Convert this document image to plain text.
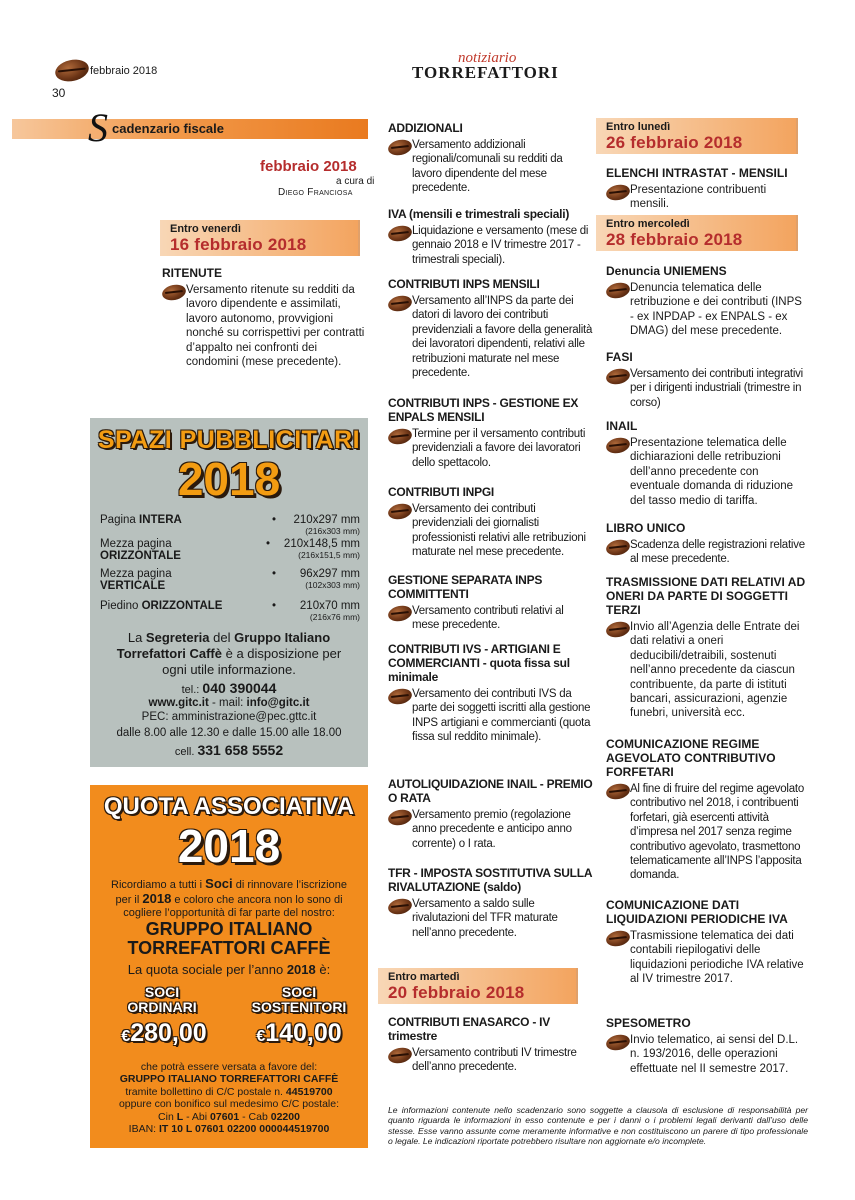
febbraio 2018
30
notiziario
TORREFATTORI
S cadenzario fiscale
febbraio 2018
a cura di
Diego Franciosa
Entro venerdì
16 febbraio 2018
RITENUTE
Versamento ritenute su redditi da lavoro dipendente e assimilati, lavoro autonomo, provvigioni nonché su corrispettivi per contratti d’appalto nei confronti dei condomini (mese precedente).
SPAZI PUBBLICITARI
2018
Pagina INTERA	• 210x297 mm
(216x303 mm)
Mezza pagina
ORIZZONTALE
• 210x148,5 mm
(216x151,5 mm)
Mezza pagina
VERTICALE
• 96x297 mm
(102x303 mm)
Piedino ORIZZONTALE	• 210x70 mm
(216x76 mm)
La Segreteria del Gruppo Italiano
Torrefattori Caffè è a disposizione per
ogni utile informazione.
tel.: 040 390044
www.gitc.it - mail: info@gitc.it
PEC: amministrazione@pec.gttc.it
dalle 8.00 alle 12.30 e dalle 15.00 alle 18.00
cell. 331 658 5552
QUOTA ASSOCIATIVA
2018
Ricordiamo a tutti i Soci di rinnovare l’iscrizione
per il 2018 e coloro che ancora non lo sono di
cogliere l’opportunità di far parte del nostro:
GRUPPO ITALIANO
TORREFATTORI CAFFÈ
La quota sociale per l’anno 2018 è:
SOCI
ORDINARI
SOCI
SOSTENITORI
€280,00	€140,00
che potrà essere versata a favore del:
GRUPPO ITALIANO TORREFATTORI CAFFÈ
tramite bollettino di C/C postale n. 44519700
oppure con bonifico sul medesimo C/C postale:
Cin L - Abi 07601 - Cab 02200
IBAN: IT 10 L 07601 02200 000044519700
ADDIZIONALI
Versamento addizionali regionali/comunali su redditi da lavoro dipendente del mese precedente.
IVA (mensili e trimestrali speciali)
Liquidazione e versamento (mese di gennaio 2018 e IV trimestre 2017 - trimestrali speciali).
CONTRIBUTI INPS MENSILI
Versamento all’INPS da parte dei datori di lavoro dei contributi previdenziali a favore della generalità dei lavoratori dipendenti, relativi alle retribuzioni maturate nel mese precedente.
CONTRIBUTI INPS - GESTIONE EX ENPALS MENSILI
Termine per il versamento contributi previdenziali a favore dei lavoratori dello spettacolo.
CONTRIBUTI INPGI
Versamento dei contributi previdenziali dei giornalisti professionisti relativi alle retribuzioni maturate nel mese precedente.
GESTIONE SEPARATA INPS COMMITTENTI
Versamento contributi relativi al mese precedente.
CONTRIBUTI IVS - ARTIGIANI E COMMERCIANTI - quota fissa sul minimale
Versamento dei contributi IVS da parte dei soggetti iscritti alla gestione INPS artigiani e commercianti (quota fissa sul reddito minimale).
AUTOLIQUIDAZIONE INAIL - PREMIO O RATA
Versamento premio (regolazione anno precedente e anticipo anno corrente) o I rata.
TFR - IMPOSTA SOSTITUTIVA SULLA RIVALUTAZIONE (saldo)
Versamento a saldo sulle rivalutazioni del TFR maturate nell’anno precedente.
Entro martedì
20 febbraio 2018
CONTRIBUTI ENASARCO - IV trimestre
Versamento contributi IV trimestre dell’anno precedente.
Entro lunedì
26 febbraio 2018
ELENCHI INTRASTAT - MENSILI
Presentazione contribuenti mensili.
Entro mercoledì
28 febbraio 2018
Denuncia UNIEMENS
Denuncia telematica delle retribuzione e dei contributi (INPS - ex INPDAP - ex ENPALS - ex DMAG) del mese precedente.
FASI
Versamento dei contributi integrativi per i dirigenti industriali (trimestre in corso)
INAIL
Presentazione telematica delle dichiarazioni delle retribuzioni dell’anno precedente con eventuale domanda di riduzione del tasso medio di tariffa.
LIBRO UNICO
Scadenza delle registrazioni relative al mese precedente.
TRASMISSIONE DATI RELATIVI AD ONERI DA PARTE DI SOGGETTI TERZI
Invio all’Agenzia delle Entrate dei dati relativi a oneri deducibili/detraibili, sostenuti nell’anno precedente da ciascun contribuente, da parte di istituti bancari, assicurazioni, agenzie funebri, università ecc.
COMUNICAZIONE REGIME AGEVOLATO CONTRIBUTIVO FORFETARI
Al fine di fruire del regime agevolato contributivo nel 2018, i contribuenti forfetari, già esercenti attività d’impresa nel 2017 senza regime contributivo agevolato, trasmettono telematicamente all’INPS l’apposita domanda.
COMUNICAZIONE DATI LIQUIDAZIONI PERIODICHE IVA
Trasmissione telematica dei dati contabili riepilogativi delle liquidazioni periodiche IVA relative al IV trimestre 2017.
SPESOMETRO
Invio telematico, ai sensi del D.L. n. 193/2016, delle operazioni effettuate nel II semestre 2017.
Le informazioni contenute nello scadenzario sono soggette a clausola di esclusione di responsabilità per quanto riguarda le informazioni in esso contenute e per i danni o i problemi legali derivanti dall’uso delle stesse. Esse vanno assunte come meramente informative e non costituiscono un parere di tipo professionale o legale. Le indicazioni riportate potrebbero risultare non aggiornate e/o incomplete.
